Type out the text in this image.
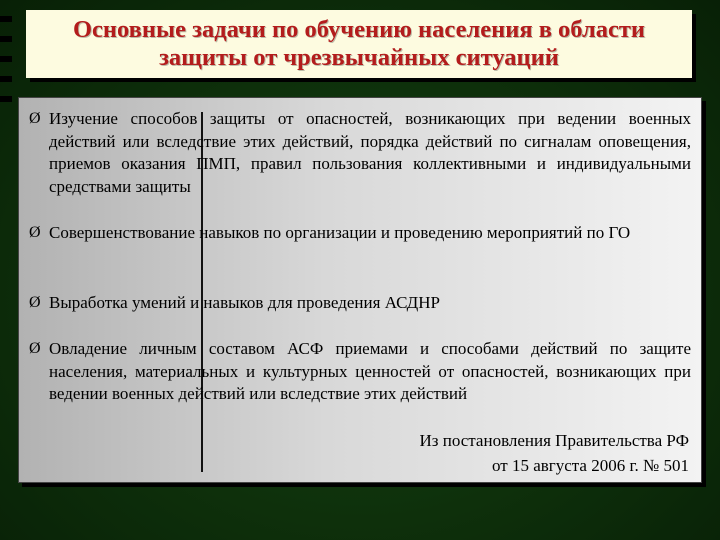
Основные задачи по обучению населения в области
защиты от чрезвычайных ситуаций
Ø Изучение способов защиты от опасностей, возникающих при ведении военных действий или вследствие этих действий, порядка действий по сигналам оповещения, приемов оказания ПМП, правил пользования коллективными и индивидуальными средствами защиты
Ø Совершенствование навыков по организации и проведению мероприятий по ГО
Ø Выработка умений и навыков для проведения АСДНР
Ø Овладение личным составом АСФ приемами и способами действий по защите населения, материальных и культурных ценностей от опасностей, возникающих при ведении военных действий или вследствие этих действий
Из постановления Правительства РФ
от 15 августа 2006 г. № 501
